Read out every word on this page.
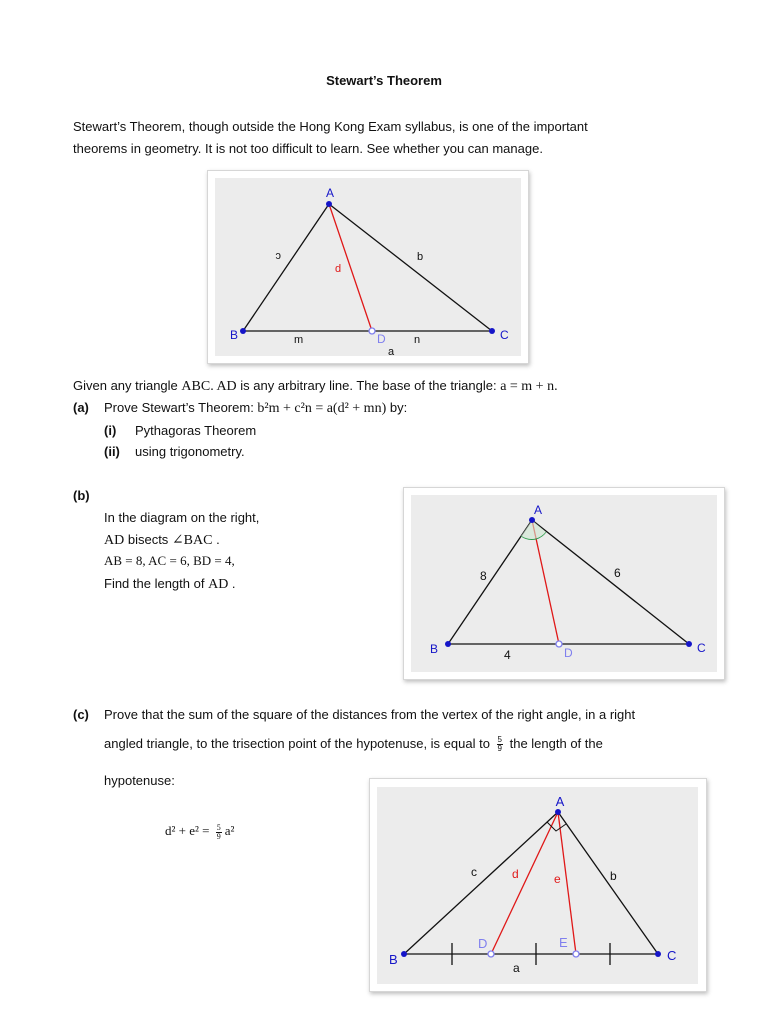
Stewart’s Theorem
Stewart’s Theorem, though outside the Hong Kong Exam syllabus, is one of the important
theorems in geometry. It is not too difficult to learn. See whether you can manage.
A
B	C
D
c	b
d
m	n
a
Given any triangle ABC. AD is any arbitrary line. The base of the triangle: a = m + n.
(a) Prove Stewart’s Theorem: b²m + c²n = a(d² + mn) by:
(i) Pythagoras Theorem
(ii) using trigonometry.
(b)
In the diagram on the right,
AD bisects ∠BAC .
AB = 8, AC = 6, BD = 4,
Find the length of AD .
A
B	C
D
8	6
4
(c) Prove that the sum of the square of the distances from the vertex of the right angle, in a right
angled triangle, to the trisection point of the hypotenuse, is equal to $\frac{5}{9}$ the length of the
hypotenuse:
$d^2 + e^2 = \frac{5}{9} a^2$
A
B	C
D	E
c	b
d	e
a
